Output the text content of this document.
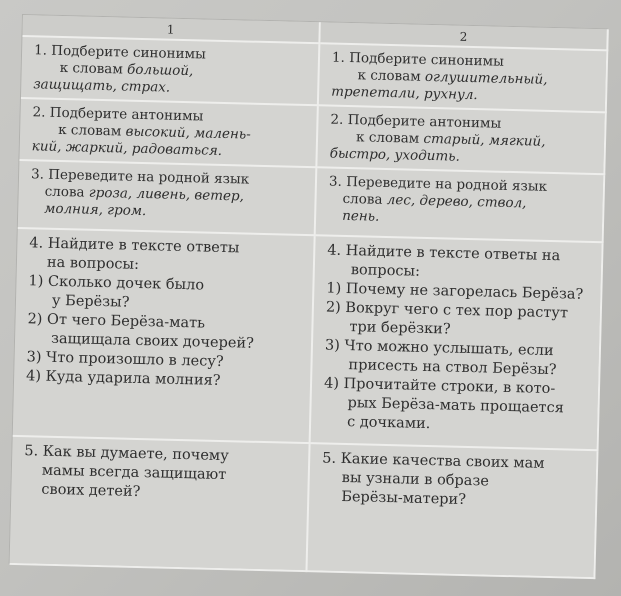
1
2
1. Подберите синонимы
к словам большой,
защищать, страх.
1. Подберите синонимы
к словам оглушительный,
трепетали, рухнул.
2. Подберите антонимы
к словам высокий, малень-
кий, жаркий, радоваться.
2. Подберите антонимы
к словам старый, мягкий,
быстро, уходить.
3. Переведите на родной язык
слова гроза, ливень, ветер,
молния, гром.
3. Переведите на родной язык
слова лес, дерево, ствол,
пень.
4. Найдите в тексте ответы
на вопросы:
1) Сколько дочек было
у Берёзы?
2) От чего Берёза-мать
защищала своих дочерей?
3) Что произошло в лесу?
4) Куда ударила молния?
4. Найдите в тексте ответы на
вопросы:
1) Почему не загорелась Берёза?
2) Вокруг чего с тех пор растут
три берёзки?
3) Что можно услышать, если
присесть на ствол Берёзы?
4) Прочитайте строки, в кото-
рых Берёза-мать прощается
с дочками.
5. Как вы думаете, почему
мамы всегда защищают
своих детей?
5. Какие качества своих мам
вы узнали в образе
Берёзы-матери?
